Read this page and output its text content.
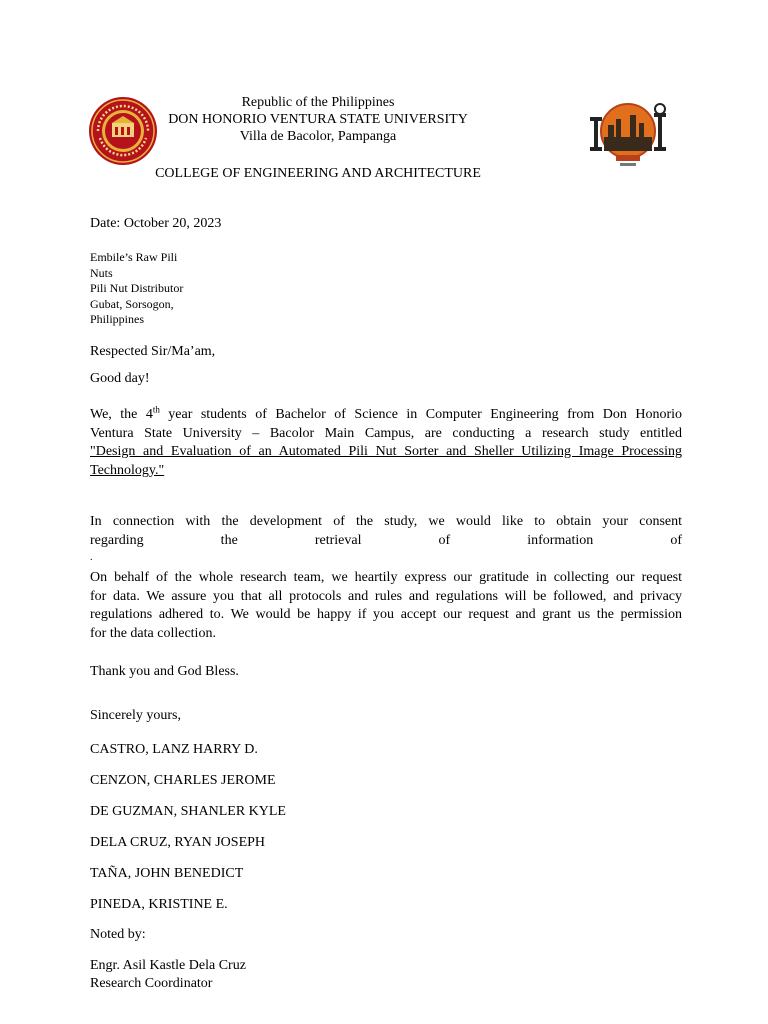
Republic of the Philippines
DON HONORIO VENTURA STATE UNIVERSITY
Villa de Bacolor, Pampanga
COLLEGE OF ENGINEERING AND ARCHITECTURE
Date: October 20, 2023
Embile’s Raw Pili
Nuts
Pili Nut Distributor
Gubat, Sorsogon,
Philippines
Respected Sir/Ma’am,
Good day!
We, the 4th year students of Bachelor of Science in Computer Engineering from Don Honorio
Ventura State University – Bacolor Main Campus, are conducting a research study entitled
"Design and Evaluation of an Automated Pili Nut Sorter and Sheller Utilizing Image Processing
Technology."
In connection with the development of the study, we would like to obtain your consent
regarding the retrieval of information of
.
On behalf of the whole research team, we heartily express our gratitude in collecting our request
for data. We assure you that all protocols and rules and regulations will be followed, and privacy
regulations adhered to. We would be happy if you accept our request and grant us the permission
for the data collection.
Thank you and God Bless.
Sincerely yours,
CASTRO, LANZ HARRY D.
CENZON, CHARLES JEROME
DE GUZMAN, SHANLER KYLE
DELA CRUZ, RYAN JOSEPH
TAÑA, JOHN BENEDICT
PINEDA, KRISTINE E.
Noted by:
Engr. Asil Kastle Dela Cruz
Research Coordinator
